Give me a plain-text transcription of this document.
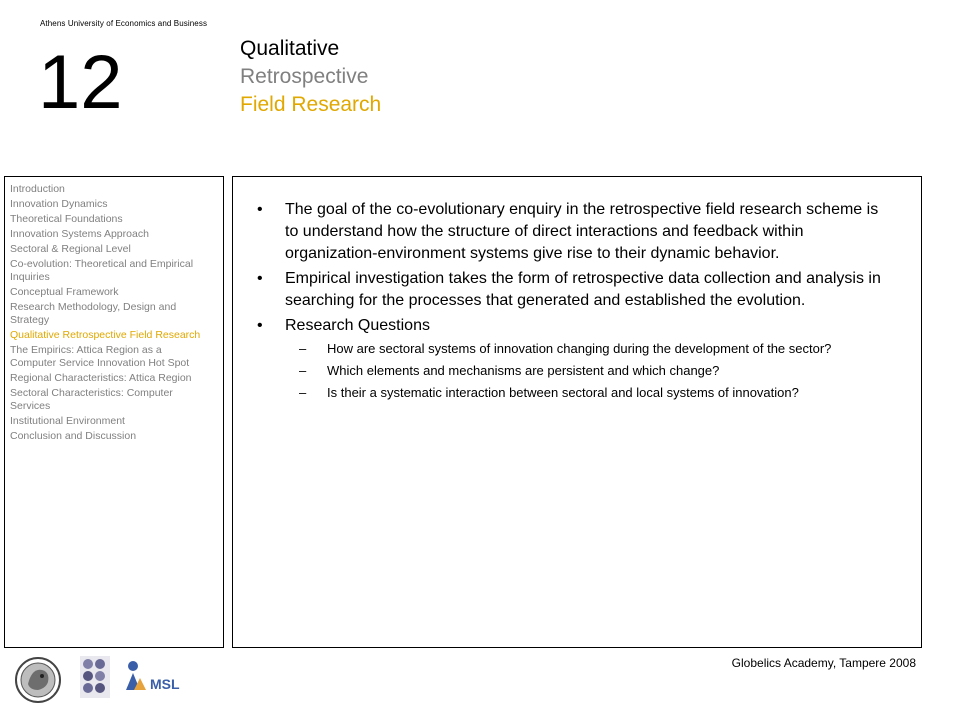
Athens University of Economics and Business
12	Qualitative
Retrospective
Field Research
Introduction
Innovation Dynamics
Theoretical Foundations
Innovation Systems Approach
Sectoral & Regional Level
Co-evolution: Theoretical and Empirical Inquiries
Conceptual Framework
Research Methodology, Design and Strategy
Qualitative Retrospective Field Research
The Empirics: Attica Region as a Computer Service Innovation Hot Spot
Regional Characteristics: Attica Region
Sectoral Characteristics: Computer Services
Institutional Environment
Conclusion and Discussion
• The goal of the co-evolutionary enquiry in the retrospective field research scheme is to understand how the structure of direct interactions and feedback within organization-environment systems give rise to their dynamic behavior.
• Empirical investigation takes the form of retrospective data collection and analysis in searching for the processes that generated and established the evolution.
• Research Questions
– How are sectoral systems of innovation changing during the development of the sector?
– Which elements and mechanisms are persistent and which change?
– Is their a systematic interaction between sectoral and local systems of innovation?
Globelics Academy, Tampere 2008
MSL
